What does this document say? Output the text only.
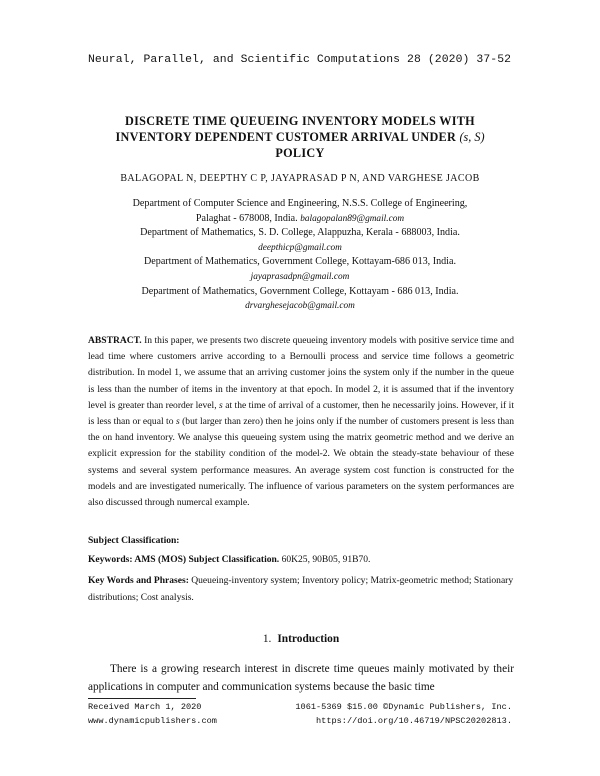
Neural, Parallel, and Scientific Computations 28 (2020) 37-52
DISCRETE TIME QUEUEING INVENTORY MODELS WITH
INVENTORY DEPENDENT CUSTOMER ARRIVAL UNDER (s, S)
POLICY
BALAGOPAL N, DEEPTHY C P, JAYAPRASAD P N, AND VARGHESE JACOB
Department of Computer Science and Engineering, N.S.S. College of Engineering,
Palaghat - 678008, India. balagopalan89@gmail.com
Department of Mathematics, S. D. College, Alappuzha, Kerala - 688003, India.
deepthicp@gmail.com
Department of Mathematics, Government College, Kottayam-686 013, India.
jayaprasadpn@gmail.com
Department of Mathematics, Government College, Kottayam - 686 013, India.
drvarghesejacob@gmail.com
ABSTRACT. In this paper, we presents two discrete queueing inventory models with positive service time and lead time where customers arrive according to a Bernoulli process and service time follows a geometric distribution. In model 1, we assume that an arriving customer joins the system only if the number in the queue is less than the number of items in the inventory at that epoch. In model 2, it is assumed that if the inventory level is greater than reorder level, s at the time of arrival of a customer, then he necessarily joins. However, if it is less than or equal to s (but larger than zero) then he joins only if the number of customers present is less than the on hand inventory. We analyse this queueing system using the matrix geometric method and we derive an explicit expression for the stability condition of the model-2. We obtain the steady-state behaviour of these systems and several system performance measures. An average system cost function is constructed for the models and are investigated numerically. The influence of various parameters on the system performances are also discussed through numercal example.
Subject Classification:
Keywords: AMS (MOS) Subject Classification. 60K25, 90B05, 91B70.
Key Words and Phrases: Queueing-inventory system; Inventory policy; Matrix-geometric method; Stationary distributions; Cost analysis.
1. Introduction
There is a growing research interest in discrete time queues mainly motivated by their applications in computer and communication systems because the basic time
Received March 1, 2020
www.dynamicpublishers.com
1061-5369 $15.00 ©Dynamic Publishers, Inc.
https://doi.org/10.46719/NPSC20202813.
